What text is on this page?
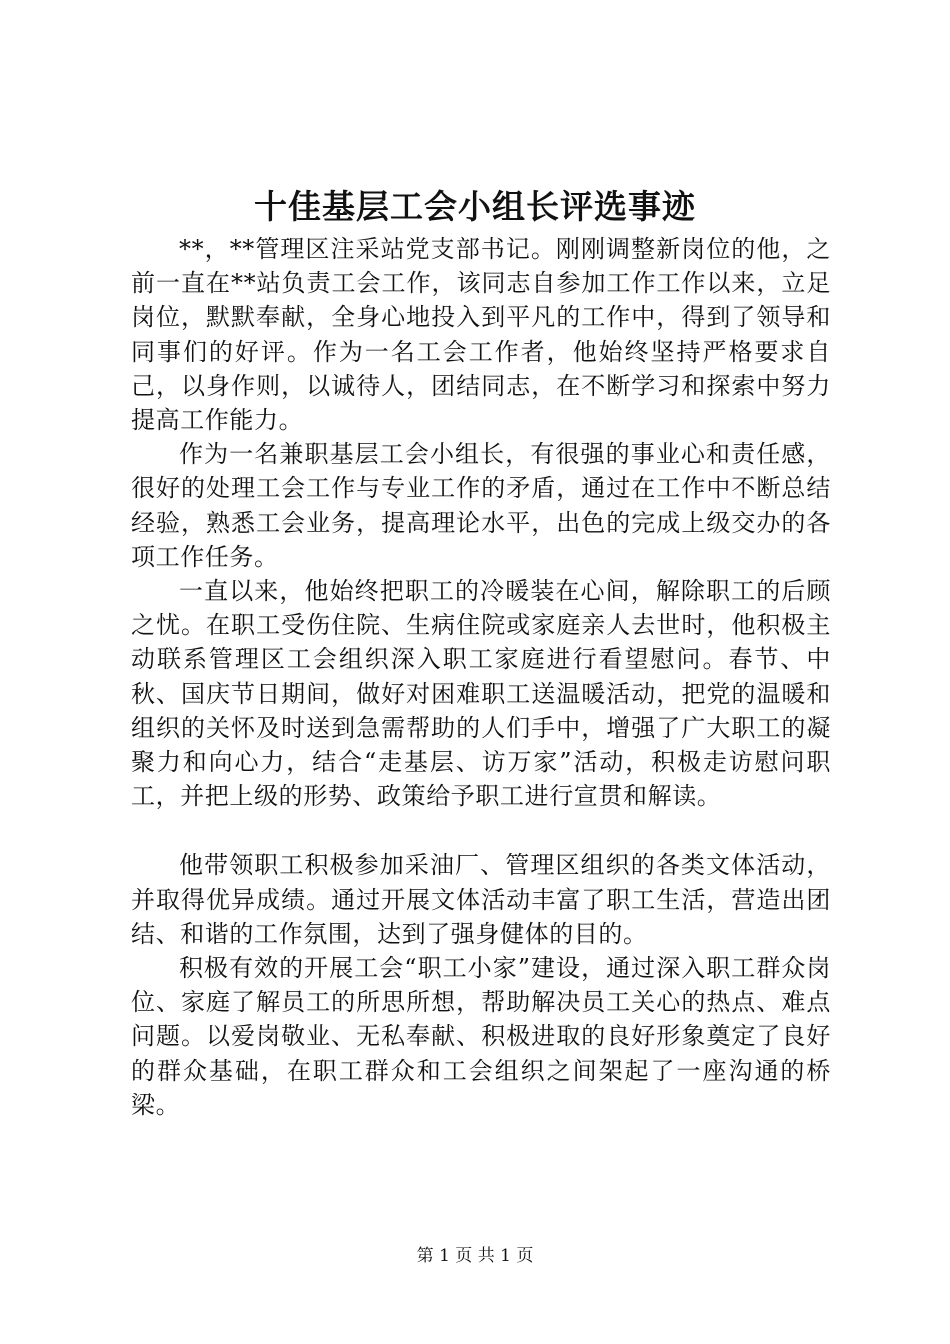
十佳基层工会小组长评选事迹

**，**管理区注采站党支部书记。刚刚调整新岗位的他，之前一直在**站负责工会工作，该同志自参加工作工作以来，立足岗位，默默奉献，全身心地投入到平凡的工作中，得到了领导和同事们的好评。作为一名工会工作者，他始终坚持严格要求自己，以身作则，以诚待人，团结同志，在不断学习和探索中努力提高工作能力。

作为一名兼职基层工会小组长，有很强的事业心和责任感，很好的处理工会工作与专业工作的矛盾，通过在工作中不断总结经验，熟悉工会业务，提高理论水平，出色的完成上级交办的各项工作任务。

一直以来，他始终把职工的冷暖装在心间，解除职工的后顾之忧。在职工受伤住院、生病住院或家庭亲人去世时，他积极主动联系管理区工会组织深入职工家庭进行看望慰问。春节、中秋、国庆节日期间，做好对困难职工送温暖活动，把党的温暖和组织的关怀及时送到急需帮助的人们手中，增强了广大职工的凝聚力和向心力，结合“走基层、访万家”活动，积极走访慰问职工，并把上级的形势、政策给予职工进行宣贯和解读。

他带领职工积极参加采油厂、管理区组织的各类文体活动，并取得优异成绩。通过开展文体活动丰富了职工生活，营造出团结、和谐的工作氛围，达到了强身健体的目的。

积极有效的开展工会“职工小家”建设，通过深入职工群众岗位、家庭了解员工的所思所想，帮助解决员工关心的热点、难点问题。以爱岗敬业、无私奉献、积极进取的良好形象奠定了良好的群众基础，在职工群众和工会组织之间架起了一座沟通的桥梁。

第 1 页 共 1 页
